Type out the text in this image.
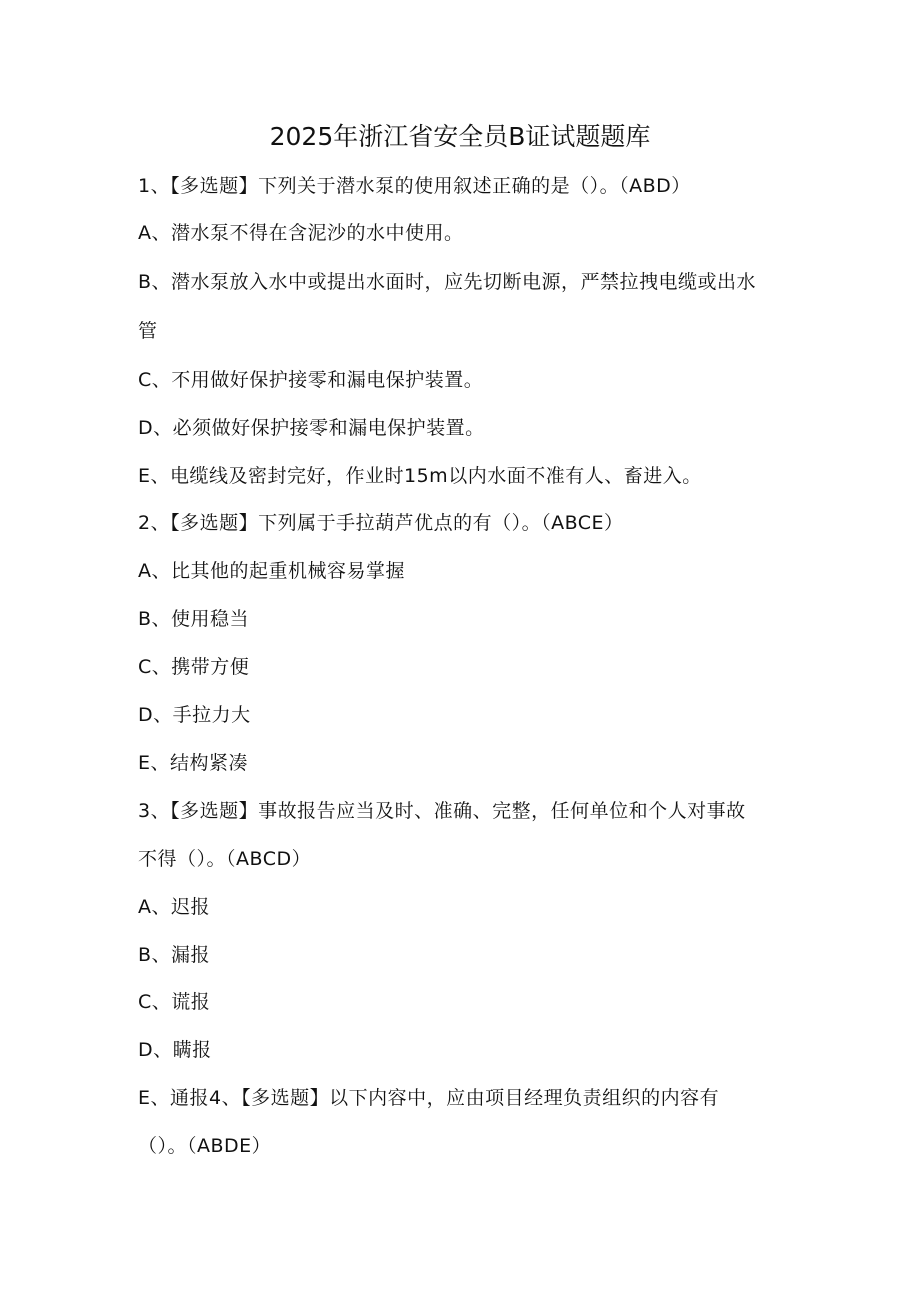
2025年浙江省安全员B证试题题库
1、【多选题】下列关于潜水泵的使用叙述正确的是（）。（ABD）
A、潜水泵不得在含泥沙的水中使用。
B、潜水泵放入水中或提出水面时，应先切断电源，严禁拉拽电缆或出水
管
C、不用做好保护接零和漏电保护装置。
D、必须做好保护接零和漏电保护装置。
E、电缆线及密封完好，作业时15m以内水面不准有人、畜进入。
2、【多选题】下列属于手拉葫芦优点的有（）。（ABCE）
A、比其他的起重机械容易掌握
B、使用稳当
C、携带方便
D、手拉力大
E、结构紧凑
3、【多选题】事故报告应当及时、准确、完整，任何单位和个人对事故
不得（）。（ABCD）
A、迟报
B、漏报
C、谎报
D、瞒报
E、通报4、【多选题】以下内容中，应由项目经理负责组织的内容有
（）。（ABDE）
